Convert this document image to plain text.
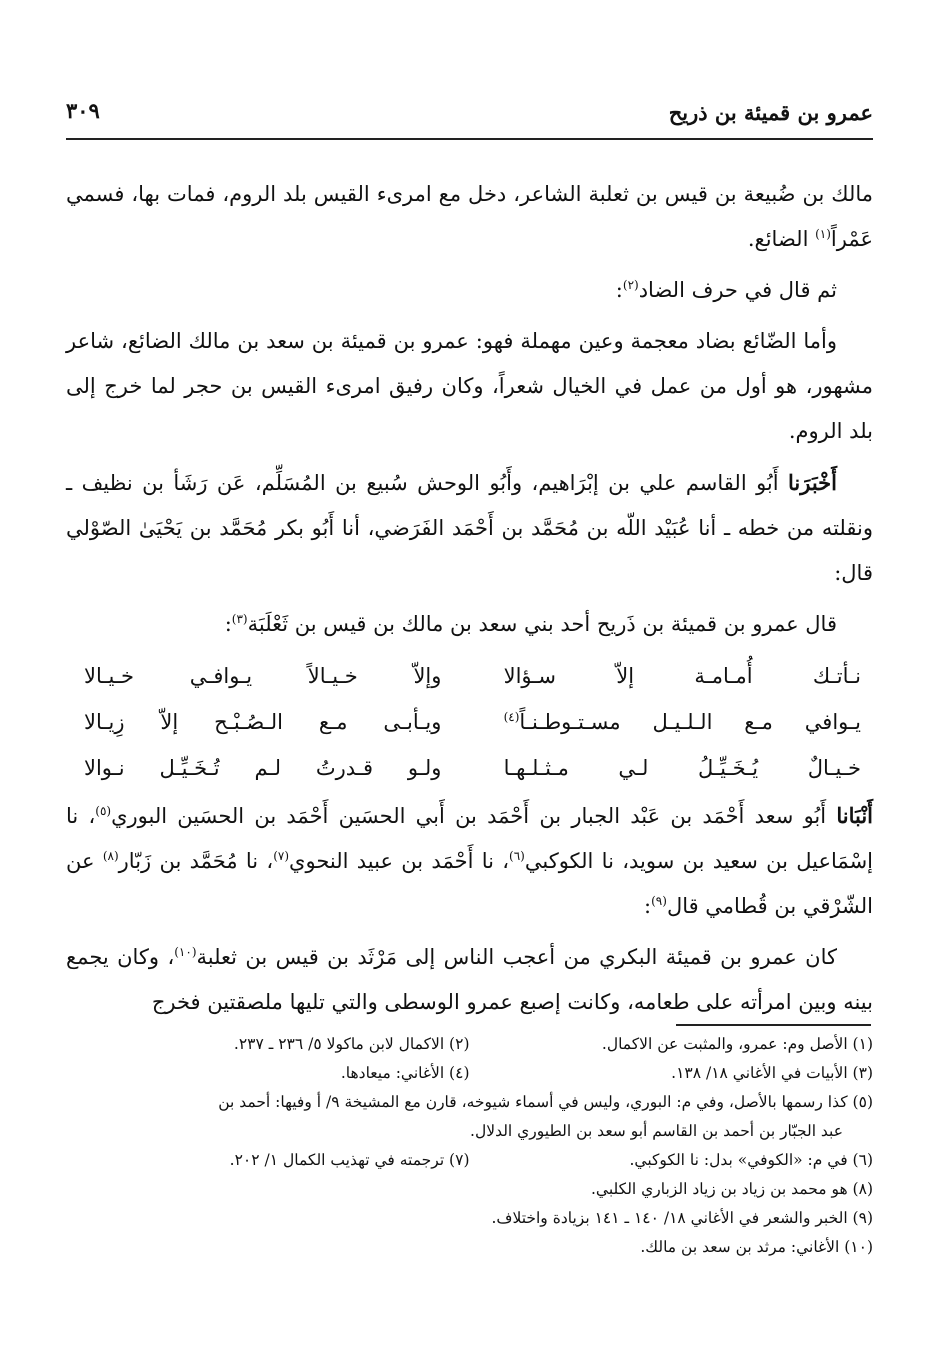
عمرو بن قميئة بن ذريح
٣٠٩

مالك بن ضُبيعة بن قيس بن ثعلبة الشاعر، دخل مع امرىء القيس بلد الروم، فمات بها، فسمي عَمْراً$^{(١)}$ الضائع.

ثم قال في حرف الضاد$^{(٢)}$:

وأما الضّائع بضاد معجمة وعين مهملة فهو: عمرو بن قميئة بن سعد بن مالك الضائع، شاعر مشهور، هو أول من عمل في الخيال شعراً، وكان رفيق امرىء القيس بن حجر لما خرج إلى بلد الروم.

أَخْبَرَنا أَبُو القاسم علي بن إبْرَاهيم، وأَبُو الوحش سُبيع بن المُسَلِّم، عَن رَشَأ بن نظيف ـ ونقلته من خطه ـ أنا عُبَيْد اللّه بن مُحَمَّد بن أَحْمَد الفَرَضي، أنا أَبُو بكر مُحَمَّد بن يَحْيَىٰ الصّوْلي قال:

قال عمرو بن قميئة بن ذَريح أحد بني سعد بن مالك بن قيس بن ثَعْلَبَة$^{(٣)}$:

نـأتـك أُمـامـة إلاّ سـؤالا
وإلاّ خـيـالاً يـوافـي خـيـالا
يـوافي مـع الـلـيـل مسـتـوطـنـاً$^{(٤)}$
ويـأبـى مـع الـصُـبْـح إلاّ زِيـالا
خـيـالٌ يُـخَـيِّـلُ لـي مـثـلـهـا
ولـو قـدرتُ لـم تُـخَـيِّـل نـوالا

أَنْبَانا أَبُو سعد أَحْمَد بن عَبْد الجبار بن أَحْمَد بن أَبي الحسَين أَحْمَد بن الحسَين البوري$^{(٥)}$، نا إسْمَاعيل بن سعيد بن سويد، نا الكوكبي$^{(٦)}$، نا أَحْمَد بن عبيد النحوي$^{(٧)}$، نا مُحَمَّد بن زَبّار$^{(٨)}$ عن الشّرْقي بن قُطامي قال$^{(٩)}$:

كان عمرو بن قميئة البكري من أعجب الناس إلى مَرْثَد بن قيس بن ثعلبة$^{(١٠)}$، وكان يجمع بينه وبين امرأته على طعامه، وكانت إصبع عمرو الوسطى والتي تليها ملصقتين فخرج

(١) الأصل وم: عمرو، والمثبت عن الاكمال.
(٢) الاكمال لابن ماكولا ٥/ ٢٣٦ ـ ٢٣٧.
(٣) الأبيات في الأغاني ١٨/ ١٣٨.
(٤) الأغاني: ميعادها.
(٥) كذا رسمها بالأصل، وفي م: البوري، وليس في أسماء شيوخه، قارن مع المشيخة ٩/ أ وفيها: أحمد بن
عبد الجبّار بن أحمد بن القاسم أبو سعد بن الطيوري الدلال.
(٦) في م: «الكوفي» بدل: نا الكوكبي.
(٧) ترجمته في تهذيب الكمال ١/ ٢٠٢.
(٨) هو محمد بن زياد بن زياد الزباري الكلبي.
(٩) الخبر والشعر في الأغاني ١٨/ ١٤٠ ـ ١٤١ بزيادة واختلاف.
(١٠) الأغاني: مرثد بن سعد بن مالك.
